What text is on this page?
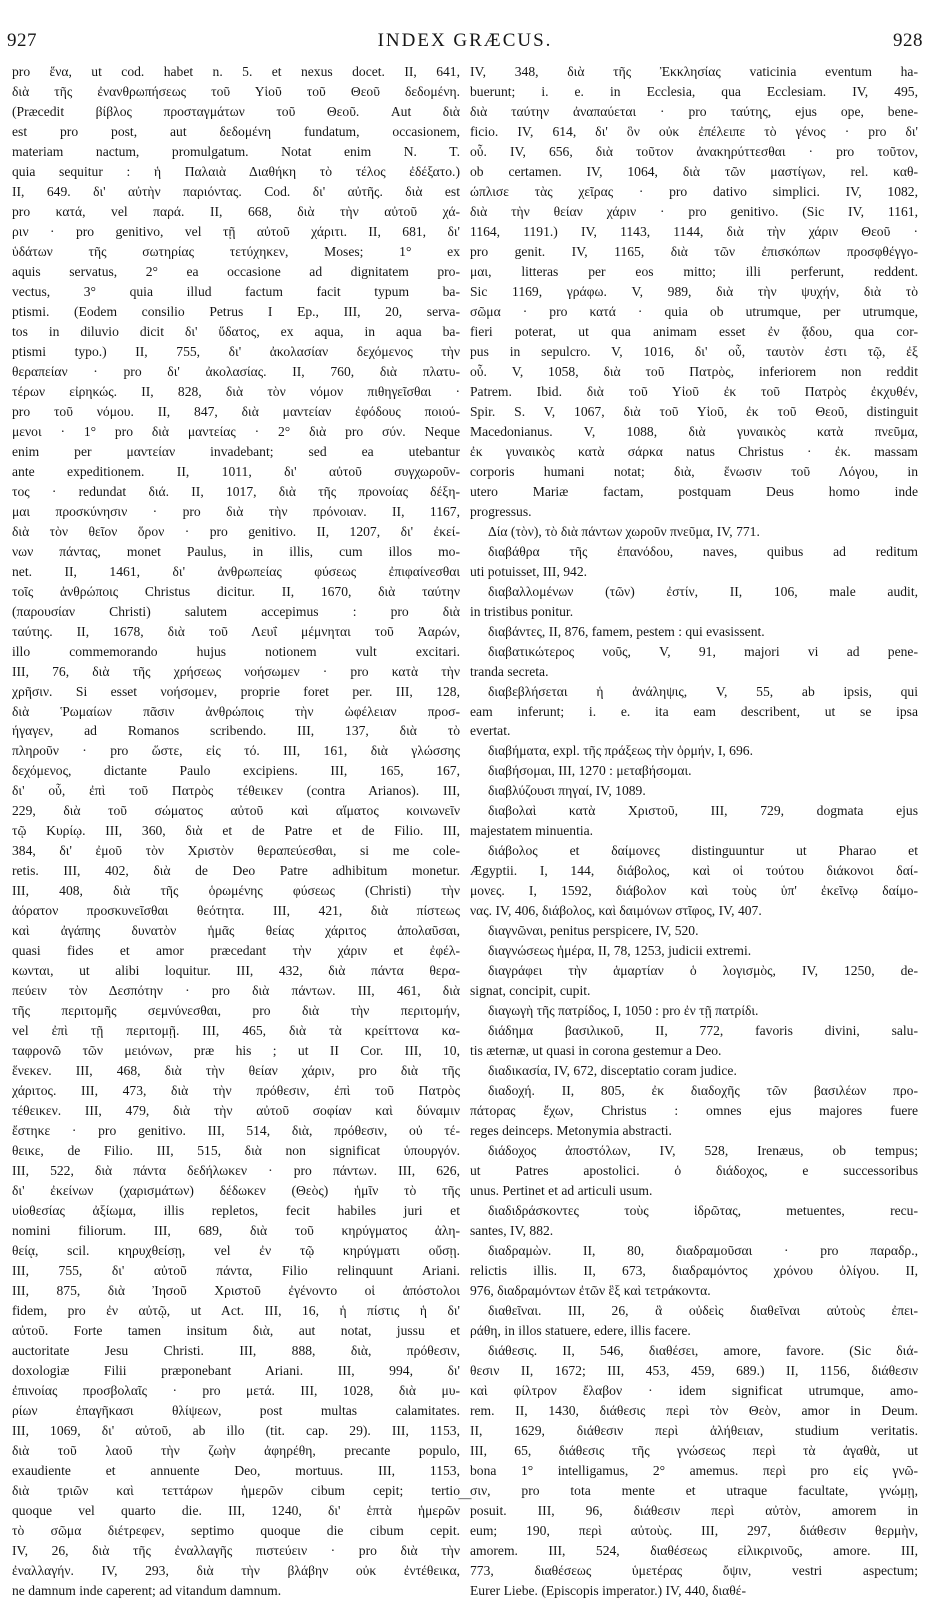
INDEX GRÆCUS.
927	928
pro ἕνα, ut cod. habet n. 5. et nexus docet. II, 641,
διὰ τῆς ἐνανθρωπήσεως τοῦ Υἱοῦ τοῦ Θεοῦ δεδομένη.
(Præcedit βίβλος προσταγμάτων τοῦ Θεοῦ. Aut διὰ
est pro post, aut δεδομένη fundatum, occasionem,
materiam nactum, promulgatum. Notat enim N. T.
quia sequitur : ἡ Παλαιὰ Διαθήκη τὸ τέλος ἐδέξατο.)
II, 649. δι' αὐτὴν παριόντας. Cod. δι' αὐτῆς. διὰ est
pro κατά, vel παρά. II, 668, διὰ τὴν αὐτοῦ χά-
ριν · pro genitivo, vel τῇ αὐτοῦ χάριτι. II, 681, δι'
ὑδάτων τῆς σωτηρίας τετύχηκεν, Moses; 1° ex
aquis servatus, 2° ea occasione ad dignitatem pro-
vectus, 3° quia illud factum facit typum ba-
ptismi. (Eodem consilio Petrus I Ep., III, 20, serva-
tos in diluvio dicit δι' ὕδατος, ex aqua, in aqua ba-
ptismi typo.) II, 755, δι' ἀκολασίαν δεχόμενος τὴν
θεραπείαν · pro δι' ἀκολασίας. II, 760, διὰ πλατυ-
τέρων εἰρηκώς. II, 828, διὰ τὸν νόμον πιθηγεῖσθαι ·
pro τοῦ νόμου. II, 847, διὰ μαντείαν ἐφόδους ποιού-
μενοι · 1° pro διὰ μαντείας · 2° διὰ pro σύν. Neque
enim per μαντείαν invadebant; sed ea utebantur
ante expeditionem. II, 1011, δι' αὐτοῦ συγχωροῦν-
τος · redundat διά. II, 1017, διὰ τῆς προνοίας δέξη-
μαι προσκύνησιν · pro διὰ τὴν πρόνοιαν. II, 1167,
διὰ τὸν θεῖον ὅρον · pro genitivo. II, 1207, δι' ἐκεί-
νων πάντας, monet Paulus, in illis, cum illos mo-
net. II, 1461, δι' ἀνθρωπείας φύσεως ἐπιφαίνεσθαι
τοῖς ἀνθρώποις Christus dicitur. II, 1670, διὰ ταύτην
(παρουσίαν Christi) salutem accepimus : pro διὰ
ταύτης. II, 1678, διὰ τοῦ Λευΐ μέμνηται τοῦ Ἀαρών,
illo commemorando hujus notionem vult excitari.
III, 76, διὰ τῆς χρήσεως νοήσωμεν · pro κατὰ τὴν
χρῆσιν. Si esset νοήσομεν, proprie foret per. III, 128,
διὰ Ῥωμαίων πᾶσιν ἀνθρώποις τὴν ὠφέλειαν προσ-
ήγαγεν, ad Romanos scribendo. III, 137, διὰ τὸ
πληροῦν · pro ὥστε, εἰς τό. III, 161, διὰ γλώσσης
δεχόμενος, dictante Paulo excipiens. III, 165, 167,
δι' οὗ, ἐπὶ τοῦ Πατρὸς τέθεικεν (contra Arianos). III,
229, διὰ τοῦ σώματος αὐτοῦ καὶ αἵματος κοινωνεῖν
τῷ Κυρίῳ. III, 360, διὰ et de Patre et de Filio. III,
384, δι' ἐμοῦ τὸν Χριστὸν θεραπεύεσθαι, si me cole-
retis. III, 402, διὰ de Deo Patre adhibitum monetur.
III, 408, διὰ τῆς ὁρωμένης φύσεως (Christi) τὴν
ἀόρατον προσκυνεῖσθαι θεότητα. III, 421, διὰ πίστεως
καὶ ἀγάπης δυνατὸν ἡμᾶς θείας χάριτος ἀπολαῦσαι,
quasi fides et amor præcedant τὴν χάριν et ἐφέλ-
κωνται, ut alibi loquitur. III, 432, διὰ πάντα θερα-
πεύειν τὸν Δεσπότην · pro διὰ πάντων. III, 461, διὰ
τῆς περιτομῆς σεμνύνεσθαι, pro διὰ τὴν περιτομήν,
vel ἐπὶ τῇ περιτομῇ. III, 465, διὰ τὰ κρείττονα κα-
ταφρονῶ τῶν μειόνων, præ his ; ut II Cor. III, 10,
ἕνεκεν. III, 468, διὰ τὴν θείαν χάριν, pro διὰ τῆς
χάριτος. III, 473, διὰ τὴν πρόθεσιν, ἐπὶ τοῦ Πατρὸς
τέθεικεν. III, 479, διὰ τὴν αὐτοῦ σοφίαν καὶ δύναμιν
ἔστηκε · pro genitivo. III, 514, διὰ, πρόθεσιν, οὐ τέ-
θεικε, de Filio. III, 515, διὰ non significat ὑπουργόν.
III, 522, διὰ πάντα δεδήλωκεν · pro πάντων. III, 626,
δι' ἐκείνων (χαρισμάτων) δέδωκεν (Θεὸς) ἡμῖν τὸ τῆς
υἱοθεσίας ἀξίωμα, illis repletos, fecit habiles juri et
nomini filiorum. III, 689, διὰ τοῦ κηρύγματος ἀλη-
θείᾳ, scil. κηρυχθείσῃ, vel ἐν τῷ κηρύγματι οὔσῃ.
III, 755, δι' αὐτοῦ πάντα, Filio relinquunt Ariani.
III, 875, διὰ Ἰησοῦ Χριστοῦ ἐγένοντο οἱ ἀπόστολοι
fidem, pro ἐν αὐτῷ, ut Act. III, 16, ἡ πίστις ἡ δι'
αὐτοῦ. Forte tamen insitum διὰ, aut notat, jussu et
auctoritate Jesu Christi. III, 888, διὰ, πρόθεσιν,
doxologiæ Filii præponebant Ariani. III, 994, δι'
ἐπινοίας προσβολαῖς · pro μετά. III, 1028, διὰ μυ-
ρίων ἐπαγῆκασι θλίψεων, post multas calamitates.
III, 1069, δι' αὐτοῦ, ab illo (tit. cap. 29). III, 1153,
διὰ τοῦ λαοῦ τὴν ζωὴν ἀφηρέθη, precante populo,
exaudiente et annuente Deo, mortuus. III, 1153,
διὰ τριῶν καὶ τεττάρων ἡμερῶν cibum cepit; tertio
quoque vel quarto die. III, 1240, δι' ἑπτὰ ἡμερῶν
τὸ σῶμα διέτρεφεν, septimo quoque die cibum cepit.
IV, 26, διὰ τῆς ἐναλλαγῆς πιστεύειν · pro διὰ τὴν
ἐναλλαγήν. IV, 293, διὰ τὴν βλάβην οὐκ ἐντέθεικα,
ne damnum inde caperent; ad vitandum damnum.
IV, 348, διὰ τῆς Ἐκκλησίας vaticinia eventum ha-
buerunt; i. e. in Ecclesia, qua Ecclesiam. IV, 495,
διὰ ταύτην ἀναπαύεται · pro ταύτης, ejus ope, bene-
ficio. IV, 614, δι' ὃν οὐκ ἐπέλειπε τὸ γένος · pro δι'
οὗ. IV, 656, διὰ τοῦτον ἀνακηρύττεσθαι · pro τοῦτον,
ob certamen. IV, 1064, διὰ τῶν μαστίγων, rel. καθ-
ώπλισε τὰς χεῖρας · pro dativo simplici. IV, 1082,
διὰ τὴν θείαν χάριν · pro genitivo. (Sic IV, 1161,
1164, 1191.) IV, 1143, 1144, διὰ τὴν χάριν Θεοῦ ·
pro genit. IV, 1165, διὰ τῶν ἐπισκόπων προσφθέγγο-
μαι, litteras per eos mitto; illi perferunt, reddent.
Sic 1169, γράφω. V, 989, διὰ τὴν ψυχήν, διὰ τὸ
σῶμα · pro κατά · quia ob utrumque, per utrumque,
fieri poterat, ut qua animam esset ἐν ᾅδου, qua cor-
pus in sepulcro. V, 1016, δι' οὗ, ταυτὸν ἐστι τῷ, ἐξ
οὗ. V, 1058, διὰ τοῦ Πατρὸς, inferiorem non reddit
Patrem. Ibid. διὰ τοῦ Υἱοῦ ἐκ τοῦ Πατρὸς ἐκχυθέν,
Spir. S. V, 1067, διὰ τοῦ Υἱοῦ, ἐκ τοῦ Θεοῦ, distinguit
Macedonianus. V, 1088, διὰ γυναικὸς κατὰ πνεῦμα,
ἐκ γυναικὸς κατὰ σάρκα natus Christus · ἐκ. massam
corporis humani notat; διὰ, ἕνωσιν τοῦ Λόγου, in
utero Mariæ factam, postquam Deus homo inde
progressus.
Δία (τὸν), τὸ διὰ πάντων χωροῦν πνεῦμα, IV, 771.
διαβάθρα τῆς ἐπανόδου, naves, quibus ad reditum
uti potuisset, III, 942.
διαβαλλομένων (τῶν) ἐστίν, II, 106, male audit,
in tristibus ponitur.
διαβάντες, II, 876, famem, pestem : qui evasissent.
διαβατικώτερος νοῦς, V, 91, majori vi ad pene-
tranda secreta.
διαβεβλήσεται ἡ ἀνάληψις, V, 55, ab ipsis, qui
eam inferunt; i. e. ita eam describent, ut se ipsa
evertat.
διαβήματα, expl. τῆς πράξεως τὴν ὁρμήν, I, 696.
διαβήσομαι, III, 1270 : μεταβήσομαι.
διαβλύζουσι πηγαί, IV, 1089.
διαβολαὶ κατὰ Χριστοῦ, III, 729, dogmata ejus
majestatem minuentia.
διάβολος et δαίμονες distinguuntur ut Pharao et
Ægyptii. I, 144, διάβολος, καὶ οἱ τούτου διάκονοι δαί-
μονες. I, 1592, διάβολον καὶ τοὺς ὑπ' ἐκεῖνῳ δαίμο-
νας. IV, 406, διάβολος, καὶ δαιμόνων στῖφος, IV, 407.
διαγνῶναι, penitus perspicere, IV, 520.
διαγνώσεως ἡμέρα, II, 78, 1253, judicii extremi.
διαγράφει τὴν ἁμαρτίαν ὁ λογισμὸς, IV, 1250, de-
signat, concipit, cupit.
διαγωγὴ τῆς πατρίδος, I, 1050 : pro ἐν τῇ πατρίδι.
διάδημα βασιλικοῦ, II, 772, favoris divini, salu-
tis æternæ, ut quasi in corona gestemur a Deo.
διαδικασία, IV, 672, disceptatio coram judice.
διαδοχή. II, 805, ἐκ διαδοχῆς τῶν βασιλέων προ-
πάτορας ἔχων, Christus : omnes ejus majores fuere
reges deinceps. Metonymia abstracti.
διάδοχος ἀποστόλων, IV, 528, Irenæus, ob tempus;
ut Patres apostolici. ὁ διάδοχος, e successoribus
unus. Pertinet et ad articuli usum.
διαδιδράσκοντες τοὺς ἱδρῶτας, metuentes, recu-
santes, IV, 882.
διαδραμὼν. II, 80, διαδραμοῦσαι · pro παραδρ.,
relictis illis. II, 673, διαδραμόντος χρόνου ὀλίγου. II,
976, διαδραμόντων ἐτῶν ἓξ καὶ τετράκοντα.
διαθεῖναι. III, 26, ἃ οὐδεὶς διαθεῖναι αὐτοὺς ἐπει-
ράθη, in illos statuere, edere, illis facere.
διάθεσις. II, 546, διαθέσει, amore, favore. (Sic διά-
θεσιν II, 1672; III, 453, 459, 689.) II, 1156, διάθεσιν
καὶ φίλτρον ἔλαβον · idem significat utrumque, amo-
rem. II, 1430, διάθεσις περὶ τὸν Θεὸν, amor in Deum.
II, 1629, διάθεσιν περὶ ἀλήθειαν, studium veritatis.
III, 65, διάθεσις τῆς γνώσεως περὶ τὰ ἀγαθὰ, ut
bona 1° intelligamus, 2° amemus. περὶ pro εἰς γνῶ-
σιν, pro tota mente et utraque facultate, γνώμῃ,
posuit. III, 96, διάθεσιν περὶ αὐτὸν, amorem in
eum; 190, περὶ αὐτοὺς. III, 297, διάθεσιν θερμὴν,
amorem. III, 524, διαθέσεως εἰλικρινοῦς, amore. III,
773, διαθέσεως ὑμετέρας ὄψιν, vestri aspectum;
Eurer Liebe. (Episcopis imperator.) IV, 440, διαθέ-
—
